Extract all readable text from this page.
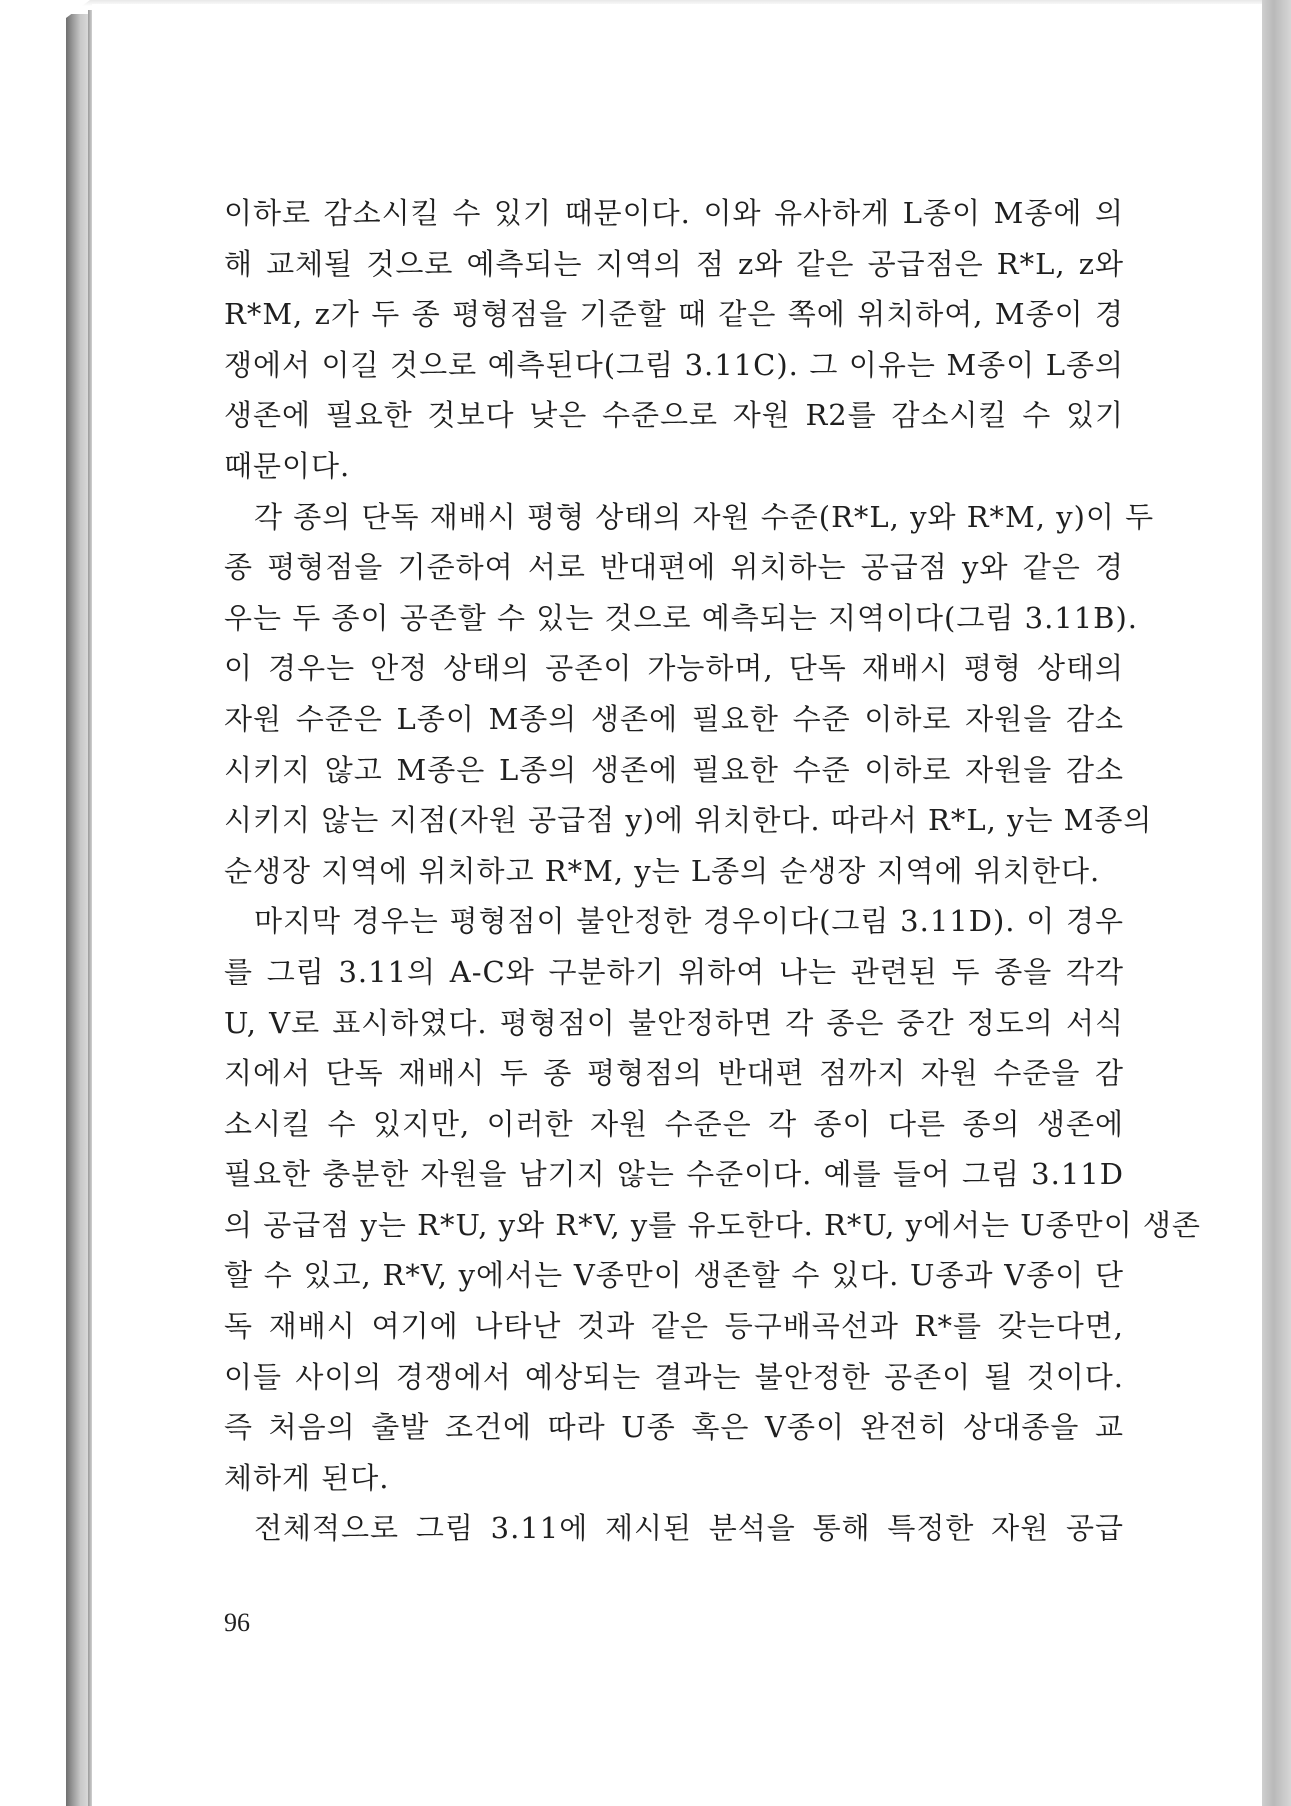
이하로 감소시킬 수 있기 때문이다. 이와 유사하게 L종이 M종에 의
해 교체될 것으로 예측되는 지역의 점 z와 같은 공급점은 R*L, z와
R*M, z가 두 종 평형점을 기준할 때 같은 쪽에 위치하여, M종이 경
쟁에서 이길 것으로 예측된다(그림 3.11C). 그 이유는 M종이 L종의
생존에 필요한 것보다 낮은 수준으로 자원 R2를 감소시킬 수 있기
때문이다.
각 종의 단독 재배시 평형 상태의 자원 수준(R*L, y와 R*M, y)이 두
종 평형점을 기준하여 서로 반대편에 위치하는 공급점 y와 같은 경
우는 두 종이 공존할 수 있는 것으로 예측되는 지역이다(그림 3.11B).
이 경우는 안정 상태의 공존이 가능하며, 단독 재배시 평형 상태의
자원 수준은 L종이 M종의 생존에 필요한 수준 이하로 자원을 감소
시키지 않고 M종은 L종의 생존에 필요한 수준 이하로 자원을 감소
시키지 않는 지점(자원 공급점 y)에 위치한다. 따라서 R*L, y는 M종의
순생장 지역에 위치하고 R*M, y는 L종의 순생장 지역에 위치한다.
마지막 경우는 평형점이 불안정한 경우이다(그림 3.11D). 이 경우
를 그림 3.11의 A-C와 구분하기 위하여 나는 관련된 두 종을 각각
U, V로 표시하였다. 평형점이 불안정하면 각 종은 중간 정도의 서식
지에서 단독 재배시 두 종 평형점의 반대편 점까지 자원 수준을 감
소시킬 수 있지만, 이러한 자원 수준은 각 종이 다른 종의 생존에
필요한 충분한 자원을 남기지 않는 수준이다. 예를 들어 그림 3.11D
의 공급점 y는 R*U, y와 R*V, y를 유도한다. R*U, y에서는 U종만이 생존
할 수 있고, R*V, y에서는 V종만이 생존할 수 있다. U종과 V종이 단
독 재배시 여기에 나타난 것과 같은 등구배곡선과 R*를 갖는다면,
이들 사이의 경쟁에서 예상되는 결과는 불안정한 공존이 될 것이다.
즉 처음의 출발 조건에 따라 U종 혹은 V종이 완전히 상대종을 교
체하게 된다.
전체적으로 그림 3.11에 제시된 분석을 통해 특정한 자원 공급
96
